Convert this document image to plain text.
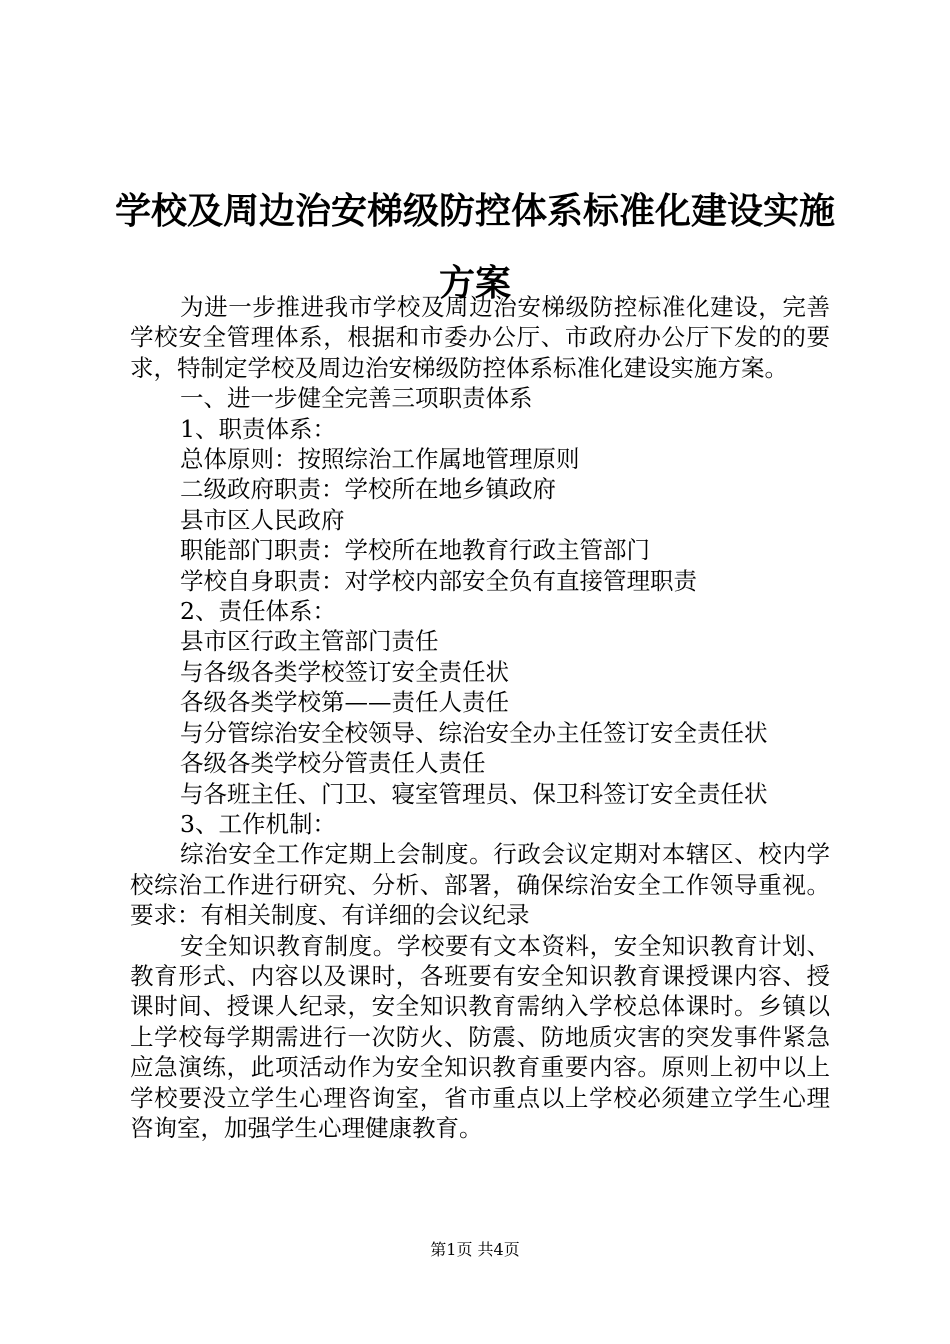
学校及周边治安梯级防控体系标准化建设实施
方案

为进一步推进我市学校及周边治安梯级防控标准化建设，完善学校安全管理体系，根据和市委办公厅、市政府办公厅下发的的要求，特制定学校及周边治安梯级防控体系标准化建设实施方案。

一、进一步健全完善三项职责体系

1、职责体系：

总体原则：按照综治工作属地管理原则

二级政府职责：学校所在地乡镇政府

县市区人民政府

职能部门职责：学校所在地教育行政主管部门

学校自身职责：对学校内部安全负有直接管理职责

2、责任体系：

县市区行政主管部门责任

与各级各类学校签订安全责任状

各级各类学校第——责任人责任

与分管综治安全校领导、综治安全办主任签订安全责任状

各级各类学校分管责任人责任

与各班主任、门卫、寝室管理员、保卫科签订安全责任状

3、工作机制：

综治安全工作定期上会制度。行政会议定期对本辖区、校内学校综治工作进行研究、分析、部署，确保综治安全工作领导重视。要求：有相关制度、有详细的会议纪录

安全知识教育制度。学校要有文本资料，安全知识教育计划、教育形式、内容以及课时，各班要有安全知识教育课授课内容、授课时间、授课人纪录，安全知识教育需纳入学校总体课时。乡镇以上学校每学期需进行一次防火、防震、防地质灾害的突发事件紧急应急演练，此项活动作为安全知识教育重要内容。原则上初中以上学校要没立学生心理咨询室，省市重点以上学校必须建立学生心理咨询室，加强学生心理健康教育。

第1页 共4页
